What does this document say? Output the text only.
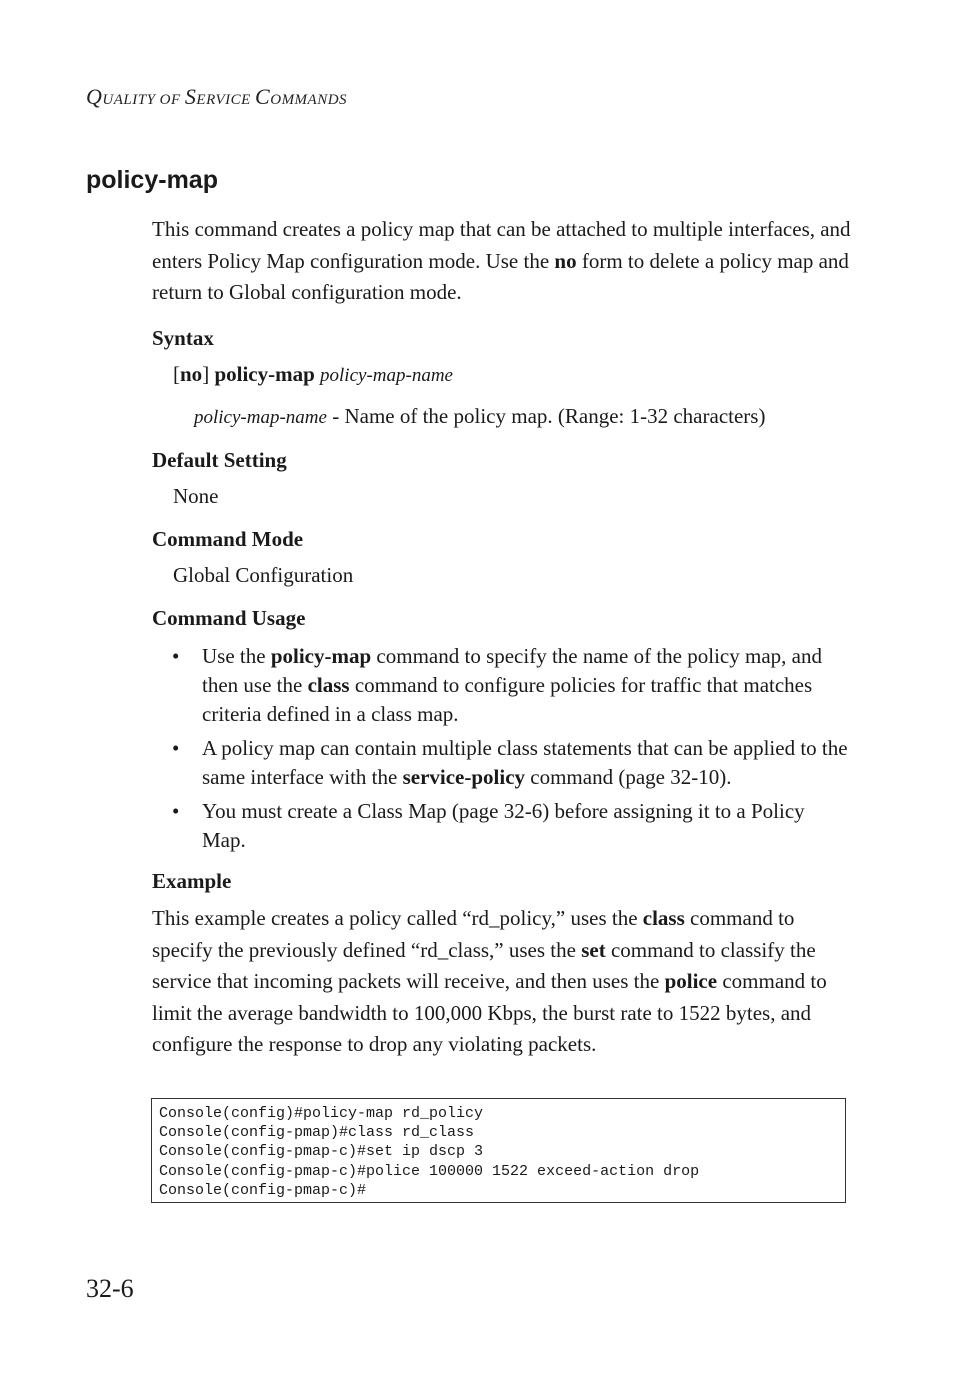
QUALITY OF SERVICE COMMANDS
policy-map

This command creates a policy map that can be attached to multiple interfaces, and enters Policy Map configuration mode. Use the no form to delete a policy map and return to Global configuration mode.

Syntax

[no] policy-map policy-map-name

policy-map-name - Name of the policy map. (Range: 1-32 characters)

Default Setting

None

Command Mode

Global Configuration

Command Usage
• Use the policy-map command to specify the name of the policy map, and then use the class command to configure policies for traffic that matches criteria defined in a class map.
• A policy map can contain multiple class statements that can be applied to the same interface with the service-policy command (page 32-10).
• You must create a Class Map (page 32-6) before assigning it to a Policy Map.
Example

This example creates a policy called “rd_policy,” uses the class command to specify the previously defined “rd_class,” uses the set command to classify the service that incoming packets will receive, and then uses the police command to limit the average bandwidth to 100,000 Kbps, the burst rate to 1522 bytes, and configure the response to drop any violating packets.

Console(config)#policy-map rd_policy
Console(config-pmap)#class rd_class
Console(config-pmap-c)#set ip dscp 3
Console(config-pmap-c)#police 100000 1522 exceed-action drop
Console(config-pmap-c)#
32-6
